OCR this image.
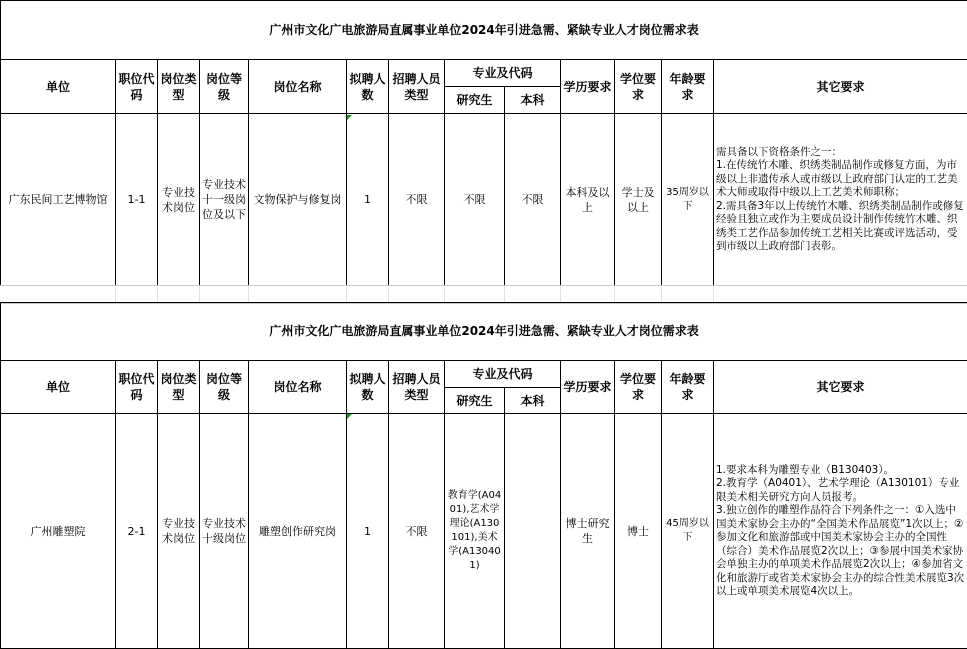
广州市文化广电旅游局直属事业单位2024年引进急需、紧缺专业人才岗位需求表												
单位	职位代码	岗位类型	岗位等级	岗位名称	拟聘人数	招聘人员类型	专业及代码		学历要求	学位要求	年龄要求	其它要求
							研究生	本科				
广东民间工艺博物馆	1-1	专业技术岗位	专业技术十一级岗位及以下	文物保护与修复岗	1	不限	不限	不限	本科及以上	学士及以上	35周岁以下	需具备以下资格条件之一：
1.在传统竹木雕、织绣类制品制作或修复方面，为市级以上非遗传承人或市级以上政府部门认定的工艺美术大师或取得中级以上工艺美术师职称；
2.需具备3年以上传统竹木雕、织绣类制品制作或修复经验且独立或作为主要成员设计制作传统竹木雕、织绣类工艺作品参加传统工艺相关比赛或评选活动，受到市级以上政府部门表彰。
广州市文化广电旅游局直属事业单位2024年引进急需、紧缺专业人才岗位需求表												
单位	职位代码	岗位类型	岗位等级	岗位名称	拟聘人数	招聘人员类型	专业及代码		学历要求	学位要求	年龄要求	其它要求
							研究生	本科				
广州雕塑院	2-1	专业技术岗位	专业技术十级岗位	雕塑创作研究岗	1	不限	教育学(A0401),艺术学理论(A130101),美术学(A130401)		博士研究生	博士	45周岁以下	1.要求本科为雕塑专业（B130403）。
2.教育学（A0401）、艺术学理论（A130101）专业限美术相关研究方向人员报考。
3.独立创作的雕塑作品符合下列条件之一：①入选中国美术家协会主办的“全国美术作品展览”1次以上；②参加文化和旅游部或中国美术家协会主办的全国性（综合）美术作品展览2次以上；③参展中国美术家协会单独主办的单项美术作品展览2次以上；④参加省文化和旅游厅或省美术家协会主办的综合性美术展览3次以上或单项美术展览4次以上。
